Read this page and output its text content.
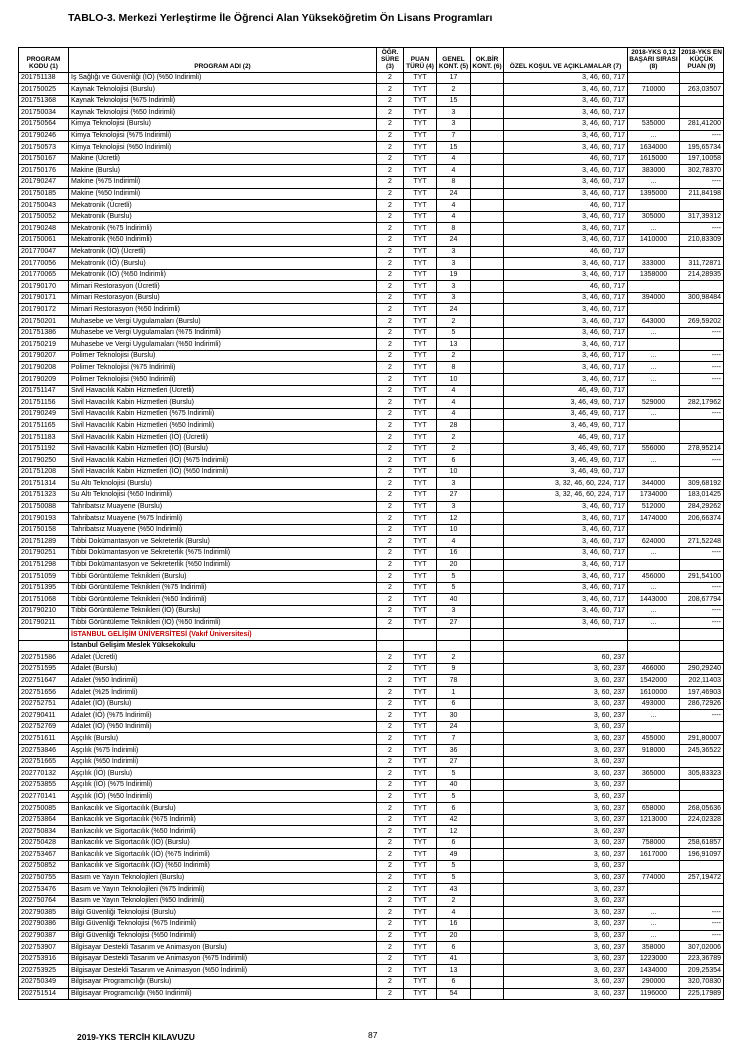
TABLO-3. Merkezi Yerleştirme İle Öğrenci Alan Yükseköğretim Ön Lisans Programları
PROGRAM KODU (1)	PROGRAM ADI (2)	ÖĞR. SÜRE (3)	PUAN TÜRÜ (4)	GENEL KONT. (5)	OK.BİR KONT. (6)	ÖZEL KOŞUL VE AÇIKLAMALAR (7)	2018-YKS 0,12 BAŞARI SIRASI (8)	2018-YKS EN KÜÇÜK PUAN (9)
201751138	İş Sağlığı ve Güvenliği (İÖ) (%50 İndirimli)	2	TYT	17		3, 46, 60, 717		
201750025	Kaynak Teknolojisi (Burslu)	2	TYT	2		3, 46, 60, 717	710000	263,03507
201751368	Kaynak Teknolojisi (%75 İndirimli)	2	TYT	15		3, 46, 60, 717		
201750034	Kaynak Teknolojisi (%50 İndirimli)	2	TYT	3		3, 46, 60, 717		
201750564	Kimya Teknolojisi (Burslu)	2	TYT	3		3, 46, 60, 717	535000	281,41200
201790246	Kimya Teknolojisi (%75 İndirimli)	2	TYT	7		3, 46, 60, 717	...	----
201750573	Kimya Teknolojisi (%50 İndirimli)	2	TYT	15		3, 46, 60, 717	1634000	195,65734
201750167	Makine (Ücretli)	2	TYT	4		46, 60, 717	1615000	197,10058
201750176	Makine (Burslu)	2	TYT	4		3, 46, 60, 717	383000	302,78370
201790247	Makine (%75 İndirimli)	2	TYT	8		3, 46, 60, 717	...	----
201750185	Makine (%50 İndirimli)	2	TYT	24		3, 46, 60, 717	1395000	211,84198
201750043	Mekatronik (Ücretli)	2	TYT	4		46, 60, 717		
201750052	Mekatronik (Burslu)	2	TYT	4		3, 46, 60, 717	305000	317,39312
201790248	Mekatronik (%75 İndirimli)	2	TYT	8		3, 46, 60, 717	...	----
201750061	Mekatronik (%50 İndirimli)	2	TYT	24		3, 46, 60, 717	1410000	210,83309
201770047	Mekatronik (İÖ) (Ücretli)	2	TYT	3		46, 60, 717		
201770056	Mekatronik (İÖ) (Burslu)	2	TYT	3		3, 46, 60, 717	333000	311,72871
201770065	Mekatronik (İÖ) (%50 İndirimli)	2	TYT	19		3, 46, 60, 717	1358000	214,28935
201790170	Mimari Restorasyon (Ücretli)	2	TYT	3		46, 60, 717		
201790171	Mimari Restorasyon (Burslu)	2	TYT	3		3, 46, 60, 717	394000	300,98484
201790172	Mimari Restorasyon (%50 İndirimli)	2	TYT	24		3, 46, 60, 717		
201750201	Muhasebe ve Vergi Uygulamaları (Burslu)	2	TYT	2		3, 46, 60, 717	643000	269,59202
201751386	Muhasebe ve Vergi Uygulamaları (%75 İndirimli)	2	TYT	5		3, 46, 60, 717	...	----
201750219	Muhasebe ve Vergi Uygulamaları (%50 İndirimli)	2	TYT	13		3, 46, 60, 717		
201790207	Polimer Teknolojisi (Burslu)	2	TYT	2		3, 46, 60, 717	...	----
201790208	Polimer Teknolojisi (%75 İndirimli)	2	TYT	8		3, 46, 60, 717	...	----
201790209	Polimer Teknolojisi (%50 İndirimli)	2	TYT	10		3, 46, 60, 717	...	----
201751147	Sivil Havacılık Kabin Hizmetleri (Ücretli)	2	TYT	4		46, 49, 60, 717		
201751156	Sivil Havacılık Kabin Hizmetleri (Burslu)	2	TYT	4		3, 46, 49, 60, 717	529000	282,17962
201790249	Sivil Havacılık Kabin Hizmetleri (%75 İndirimli)	2	TYT	4		3, 46, 49, 60, 717	...	----
201751165	Sivil Havacılık Kabin Hizmetleri (%50 İndirimli)	2	TYT	28		3, 46, 49, 60, 717		
201751183	Sivil Havacılık Kabin Hizmetleri (İÖ) (Ücretli)	2	TYT	2		46, 49, 60, 717		
201751192	Sivil Havacılık Kabin Hizmetleri (İÖ) (Burslu)	2	TYT	2		3, 46, 49, 60, 717	556000	278,95214
201790250	Sivil Havacılık Kabin Hizmetleri (İÖ) (%75 İndirimli)	2	TYT	6		3, 46, 49, 60, 717	...	----
201751208	Sivil Havacılık Kabin Hizmetleri (İÖ) (%50 İndirimli)	2	TYT	10		3, 46, 49, 60, 717		
201751314	Su Altı Teknolojisi (Burslu)	2	TYT	3		3, 32, 46, 60, 224, 717	344000	309,68192
201751323	Su Altı Teknolojisi (%50 İndirimli)	2	TYT	27		3, 32, 46, 60, 224, 717	1734000	183,01425
201750088	Tahribatsız Muayene (Burslu)	2	TYT	3		3, 46, 60, 717	512000	284,29262
201790193	Tahribatsız Muayene (%75 İndirimli)	2	TYT	12		3, 46, 60, 717	1474000	206,66374
201750158	Tahribatsız Muayene (%50 İndirimli)	2	TYT	10		3, 46, 60, 717		
201751289	Tıbbi Dokümantasyon ve Sekreterlik (Burslu)	2	TYT	4		3, 46, 60, 717	624000	271,52248
201790251	Tıbbi Dokümantasyon ve Sekreterlik (%75 İndirimli)	2	TYT	16		3, 46, 60, 717	...	----
201751298	Tıbbi Dokümantasyon ve Sekreterlik (%50 İndirimli)	2	TYT	20		3, 46, 60, 717		
201751059	Tıbbi Görüntüleme Teknikleri (Burslu)	2	TYT	5		3, 46, 60, 717	456000	291,54100
201751395	Tıbbi Görüntüleme Teknikleri (%75 İndirimli)	2	TYT	5		3, 46, 60, 717	...	----
201751068	Tıbbi Görüntüleme Teknikleri (%50 İndirimli)	2	TYT	40		3, 46, 60, 717	1443000	208,67794
201790210	Tıbbi Görüntüleme Teknikleri (İÖ) (Burslu)	2	TYT	3		3, 46, 60, 717	...	----
201790211	Tıbbi Görüntüleme Teknikleri (İÖ) (%50 İndirimli)	2	TYT	27		3, 46, 60, 717	...	----
	İSTANBUL GELİŞİM ÜNİVERSİTESİ (Vakıf Üniversitesi)							
	İstanbul Gelişim Meslek Yüksekokulu							
202751586	Adalet (Ücretli)	2	TYT	2		60, 237		
202751595	Adalet (Burslu)	2	TYT	9		3, 60, 237	466000	290,29240
202751647	Adalet (%50 İndirimli)	2	TYT	78		3, 60, 237	1542000	202,11403
202751656	Adalet (%25 İndirimli)	2	TYT	1		3, 60, 237	1610000	197,46903
202752751	Adalet (İÖ) (Burslu)	2	TYT	6		3, 60, 237	493000	286,72926
202790411	Adalet (İÖ) (%75 İndirimli)	2	TYT	30		3, 60, 237	...	----
202752769	Adalet (İÖ) (%50 İndirimli)	2	TYT	24		3, 60, 237		
202751611	Aşçılık (Burslu)	2	TYT	7		3, 60, 237	455000	291,80007
202753846	Aşçılık (%75 İndirimli)	2	TYT	36		3, 60, 237	918000	245,36522
202751665	Aşçılık (%50 İndirimli)	2	TYT	27		3, 60, 237		
202770132	Aşçılık (İÖ) (Burslu)	2	TYT	5		3, 60, 237	365000	305,83323
202753855	Aşçılık (İÖ) (%75 İndirimli)	2	TYT	40		3, 60, 237		
202770141	Aşçılık (İÖ) (%50 İndirimli)	2	TYT	5		3, 60, 237		
202750085	Bankacılık ve Sigortacılık (Burslu)	2	TYT	6		3, 60, 237	658000	268,05636
202753864	Bankacılık ve Sigortacılık (%75 İndirimli)	2	TYT	42		3, 60, 237	1213000	224,02328
202750834	Bankacılık ve Sigortacılık (%50 İndirimli)	2	TYT	12		3, 60, 237		
202750428	Bankacılık ve Sigortacılık (İÖ) (Burslu)	2	TYT	6		3, 60, 237	758000	258,61857
202753467	Bankacılık ve Sigortacılık (İÖ) (%75 İndirimli)	2	TYT	49		3, 60, 237	1617000	196,91097
202750852	Bankacılık ve Sigortacılık (İÖ) (%50 İndirimli)	2	TYT	5		3, 60, 237		
202750755	Basım ve Yayın Teknolojileri (Burslu)	2	TYT	5		3, 60, 237	774000	257,19472
202753476	Basım ve Yayın Teknolojileri (%75 İndirimli)	2	TYT	43		3, 60, 237		
202750764	Basım ve Yayın Teknolojileri (%50 İndirimli)	2	TYT	2		3, 60, 237		
202790385	Bilgi Güvenliği Teknolojisi (Burslu)	2	TYT	4		3, 60, 237	...	----
202790386	Bilgi Güvenliği Teknolojisi (%75 İndirimli)	2	TYT	16		3, 60, 237	...	----
202790387	Bilgi Güvenliği Teknolojisi (%50 İndirimli)	2	TYT	20		3, 60, 237	...	----
202753907	Bilgisayar Destekli Tasarım ve Animasyon (Burslu)	2	TYT	6		3, 60, 237	358000	307,02006
202753916	Bilgisayar Destekli Tasarım ve Animasyon (%75 İndirimli)	2	TYT	41		3, 60, 237	1223000	223,36789
202753925	Bilgisayar Destekli Tasarım ve Animasyon (%50 İndirimli)	2	TYT	13		3, 60, 237	1434000	209,25354
202750349	Bilgisayar Programcılığı (Burslu)	2	TYT	6		3, 60, 237	290000	320,70830
202751514	Bilgisayar Programcılığı (%50 İndirimli)	2	TYT	54		3, 60, 237	1196000	225,17989
2019-YKS TERCİH KILAVUZU	87
